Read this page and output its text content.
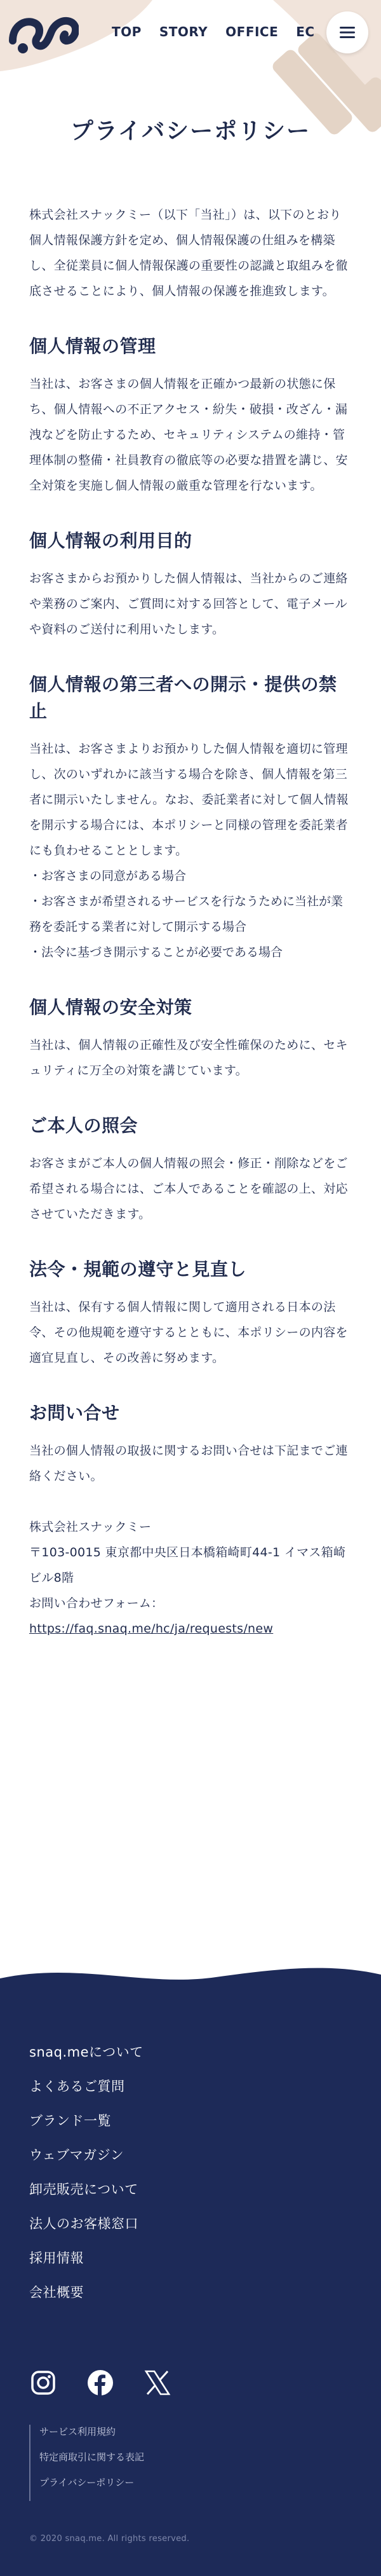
TOP STORY OFFICE EC
プライバシーポリシー

株式会社スナックミー（以下「当社」）は、以下のとおり個人情報保護方針を定め、個人情報保護の仕組みを構築し、全従業員に個人情報保護の重要性の認識と取組みを徹底させることにより、個人情報の保護を推進致します。

個人情報の管理

当社は、お客さまの個人情報を正確かつ最新の状態に保ち、個人情報への不正アクセス・紛失・破損・改ざん・漏洩などを防止するため、セキュリティシステムの維持・管理体制の整備・社員教育の徹底等の必要な措置を講じ、安全対策を実施し個人情報の厳重な管理を行ないます。

個人情報の利用目的

お客さまからお預かりした個人情報は、当社からのご連絡や業務のご案内、ご質問に対する回答として、電子メールや資料のご送付に利用いたします。

個人情報の第三者への開示・提供の禁止

当社は、お客さまよりお預かりした個人情報を適切に管理し、次のいずれかに該当する場合を除き、個人情報を第三者に開示いたしません。なお、委託業者に対して個人情報を開示する場合には、本ポリシーと同様の管理を委託業者にも負わせることとします。

・お客さまの同意がある場合
・お客さまが希望されるサービスを行なうために当社が業務を委託する業者に対して開示する場合
・法令に基づき開示することが必要である場合
個人情報の安全対策

当社は、個人情報の正確性及び安全性確保のために、セキュリティに万全の対策を講じています。

ご本人の照会

お客さまがご本人の個人情報の照会・修正・削除などをご希望される場合には、ご本人であることを確認の上、対応させていただきます。

法令・規範の遵守と見直し

当社は、保有する個人情報に関して適用される日本の法令、その他規範を遵守するとともに、本ポリシーの内容を適宜見直し、その改善に努めます。

お問い合せ

当社の個人情報の取扱に関するお問い合せは下記までご連絡ください。

株式会社スナックミー
〒103-0015 東京都中央区日本橋箱崎町44-1 イマス箱崎ビル8階
お問い合わせフォーム：
https://faq.snaq.me/hc/ja/requests/new
snaq.meについて
よくあるご質問
ブランド一覧
ウェブマガジン
卸売販売について
法人のお客様窓口
採用情報
会社概要
サービス利用規約
特定商取引に関する表記
プライバシーポリシー
© 2020 snaq.me. All rights reserved.
